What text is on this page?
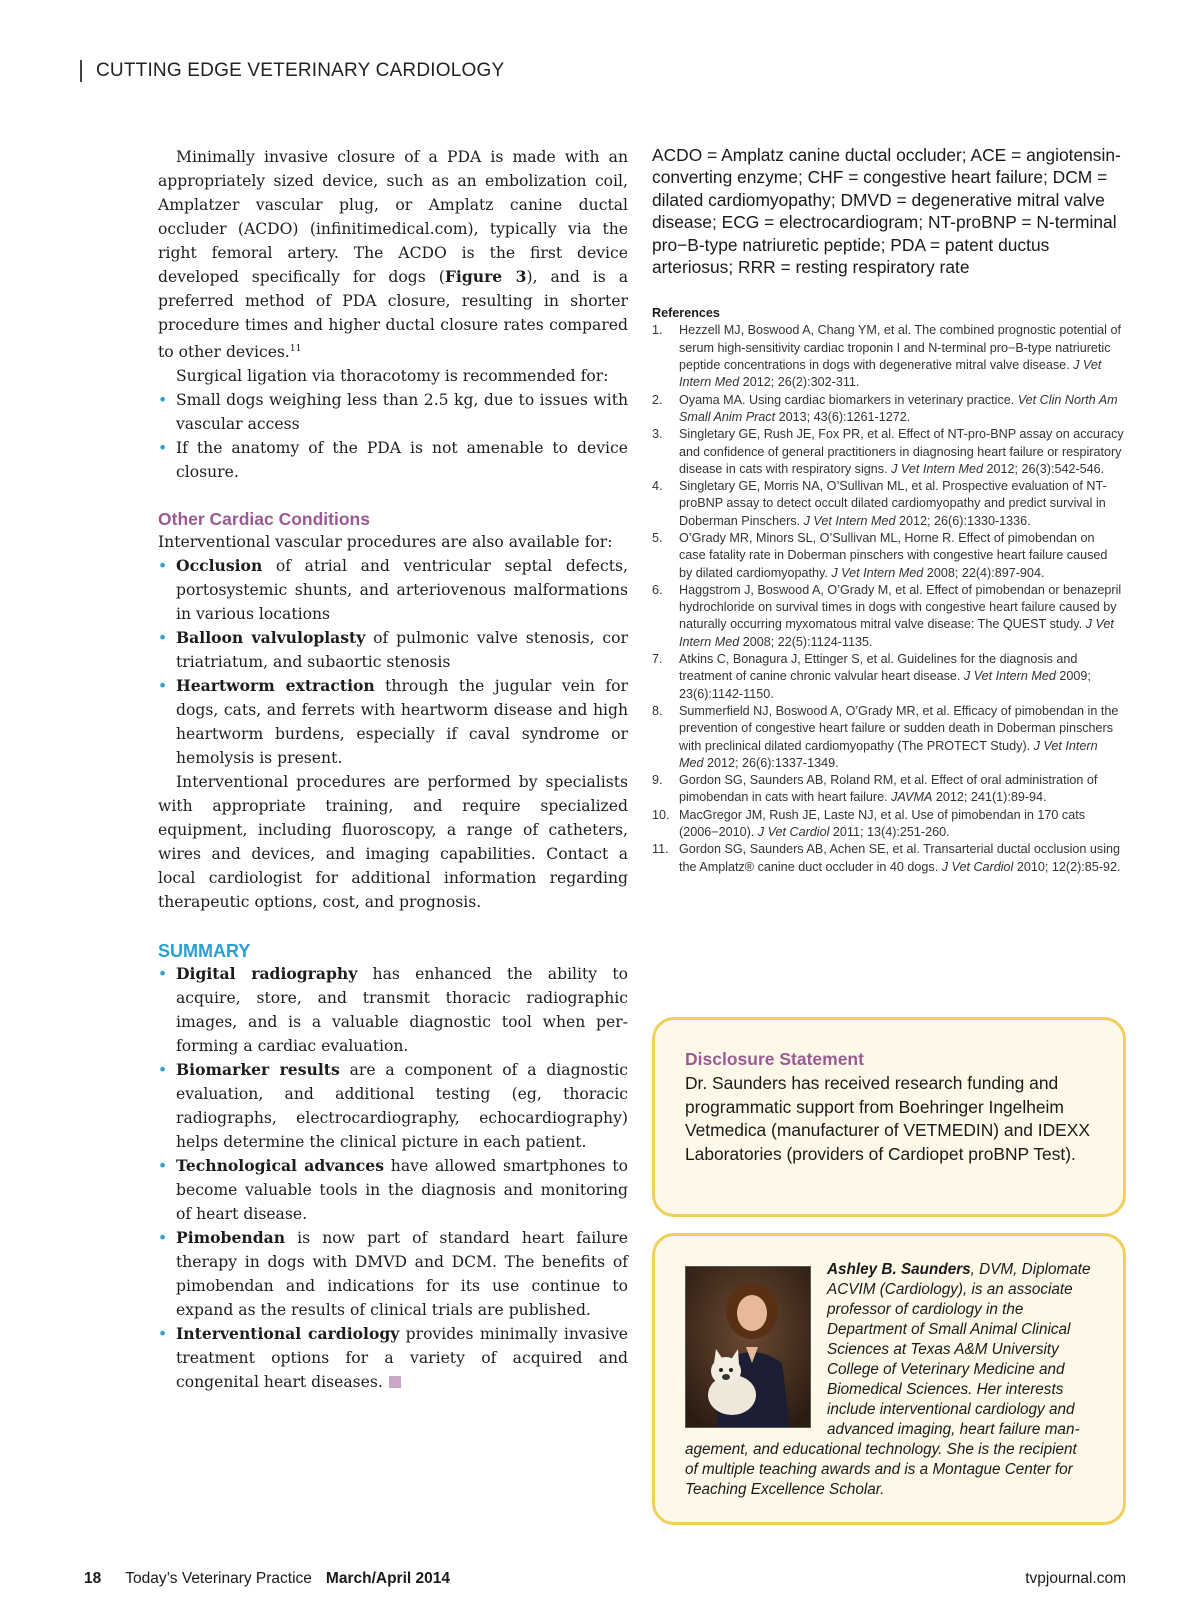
CUTTING EDGE VETERINARY CARDIOLOGY

Minimally invasive closure of a PDA is made with an appropriately sized device, such as an embolization coil, Amplatzer vascular plug, or Amplatz canine ductal occluder (ACDO) (infinitimedical.com), typically via the right femoral artery. The ACDO is the first device developed specifically for dogs (Figure 3), and is a preferred method of PDA closure, resulting in shorter procedure times and higher ductal closure rates compared to other devices.$^{11}$

Surgical ligation via thoracotomy is recommended for:

• Small dogs weighing less than 2.5 kg, due to issues with vascular access
• If the anatomy of the PDA is not amenable to device closure.
Other Cardiac Conditions

Interventional vascular procedures are also available for:

• Occlusion of atrial and ventricular septal defects, portosystemic shunts, and arteriovenous malformations in various locations
• Balloon valvuloplasty of pulmonic valve stenosis, cor triatriatum, and subaortic stenosis
• Heartworm extraction through the jugular vein for dogs, cats, and ferrets with heartworm disease and high heartworm burdens, especially if caval syndrome or hemolysis is present.

Interventional procedures are performed by specialists with appropriate training, and require specialized equipment, including fluoroscopy, a range of catheters, wires and devices, and imaging capabilities. Contact a local cardiologist for additional information regarding therapeutic options, cost, and prognosis.

SUMMARY
• Digital radiography has enhanced the ability to acquire, store, and transmit thoracic radiographic images, and is a valuable diagnostic tool when performing a cardiac evaluation.
• Biomarker results are a component of a diagnostic evaluation, and additional testing (eg, thoracic radiographs, electrocardiography, echocardiography) helps determine the clinical picture in each patient.
• Technological advances have allowed smartphones to become valuable tools in the diagnosis and monitoring of heart disease.
• Pimobendan is now part of standard heart failure therapy in dogs with DMVD and DCM. The benefits of pimobendan and indications for its use continue to expand as the results of clinical trials are published.
• Interventional cardiology provides minimally invasive treatment options for a variety of acquired and congenital heart diseases.

ACDO = Amplatz canine ductal occluder; ACE = angiotensin-converting enzyme; CHF = congestive heart failure; DCM = dilated cardiomyopathy; DMVD = degenerative mitral valve disease; ECG = electrocardiogram; NT-proBNP = N-terminal pro−B-type natriuretic peptide; PDA = patent ductus arteriosus; RRR = resting respiratory rate

References
1. Hezzell MJ, Boswood A, Chang YM, et al. The combined prognostic potential of serum high-sensitivity cardiac troponin I and N-terminal pro−B-type natriuretic peptide concentrations in dogs with degenerative mitral valve disease. J Vet Intern Med 2012; 26(2):302-311.
2. Oyama MA. Using cardiac biomarkers in veterinary practice. Vet Clin North Am Small Anim Pract 2013; 43(6):1261-1272.
3. Singletary GE, Rush JE, Fox PR, et al. Effect of NT-pro-BNP assay on accuracy and confidence of general practitioners in diagnosing heart failure or respiratory disease in cats with respiratory signs. J Vet Intern Med 2012; 26(3):542-546.
4. Singletary GE, Morris NA, O’Sullivan ML, et al. Prospective evaluation of NT-proBNP assay to detect occult dilated cardiomyopathy and predict survival in Doberman Pinschers. J Vet Intern Med 2012; 26(6):1330-1336.
5. O’Grady MR, Minors SL, O’Sullivan ML, Horne R. Effect of pimobendan on case fatality rate in Doberman pinschers with congestive heart failure caused by dilated cardiomyopathy. J Vet Intern Med 2008; 22(4):897-904.
6. Haggstrom J, Boswood A, O’Grady M, et al. Effect of pimobendan or benazepril hydrochloride on survival times in dogs with congestive heart failure caused by naturally occurring myxomatous mitral valve disease: The QUEST study. J Vet Intern Med 2008; 22(5):1124-1135.
7. Atkins C, Bonagura J, Ettinger S, et al. Guidelines for the diagnosis and treatment of canine chronic valvular heart disease. J Vet Intern Med 2009; 23(6):1142-1150.
8. Summerfield NJ, Boswood A, O’Grady MR, et al. Efficacy of pimobendan in the prevention of congestive heart failure or sudden death in Doberman pinschers with preclinical dilated cardiomyopathy (The PROTECT Study). J Vet Intern Med 2012; 26(6):1337-1349.
9. Gordon SG, Saunders AB, Roland RM, et al. Effect of oral administration of pimobendan in cats with heart failure. JAVMA 2012; 241(1):89-94.
10. MacGregor JM, Rush JE, Laste NJ, et al. Use of pimobendan in 170 cats (2006−2010). J Vet Cardiol 2011; 13(4):251-260.
11. Gordon SG, Saunders AB, Achen SE, et al. Transarterial ductal occlusion using the Amplatz® canine duct occluder in 40 dogs. J Vet Cardiol 2010; 12(2):85-92.
Disclosure Statement
Dr. Saunders has received research funding and programmatic support from Boehringer Ingelheim Vetmedica (manufacturer of VETMEDIN) and IDEXX Laboratories (providers of Cardiopet proBNP Test).
Ashley B. Saunders, DVM, Diplomate ACVIM (Cardiology), is an associate professor of cardiology in the Department of Small Animal Clinical Sciences at Texas A&M University College of Veterinary Medicine and Biomedical Sciences. Her interests include interventional cardiology and advanced imaging, heart failure management, and educational technology. She is the recipient of multiple teaching awards and is a Montague Center for Teaching Excellence Scholar.
18 Today’s Veterinary Practice March/April 2014	tvpjournal.com
